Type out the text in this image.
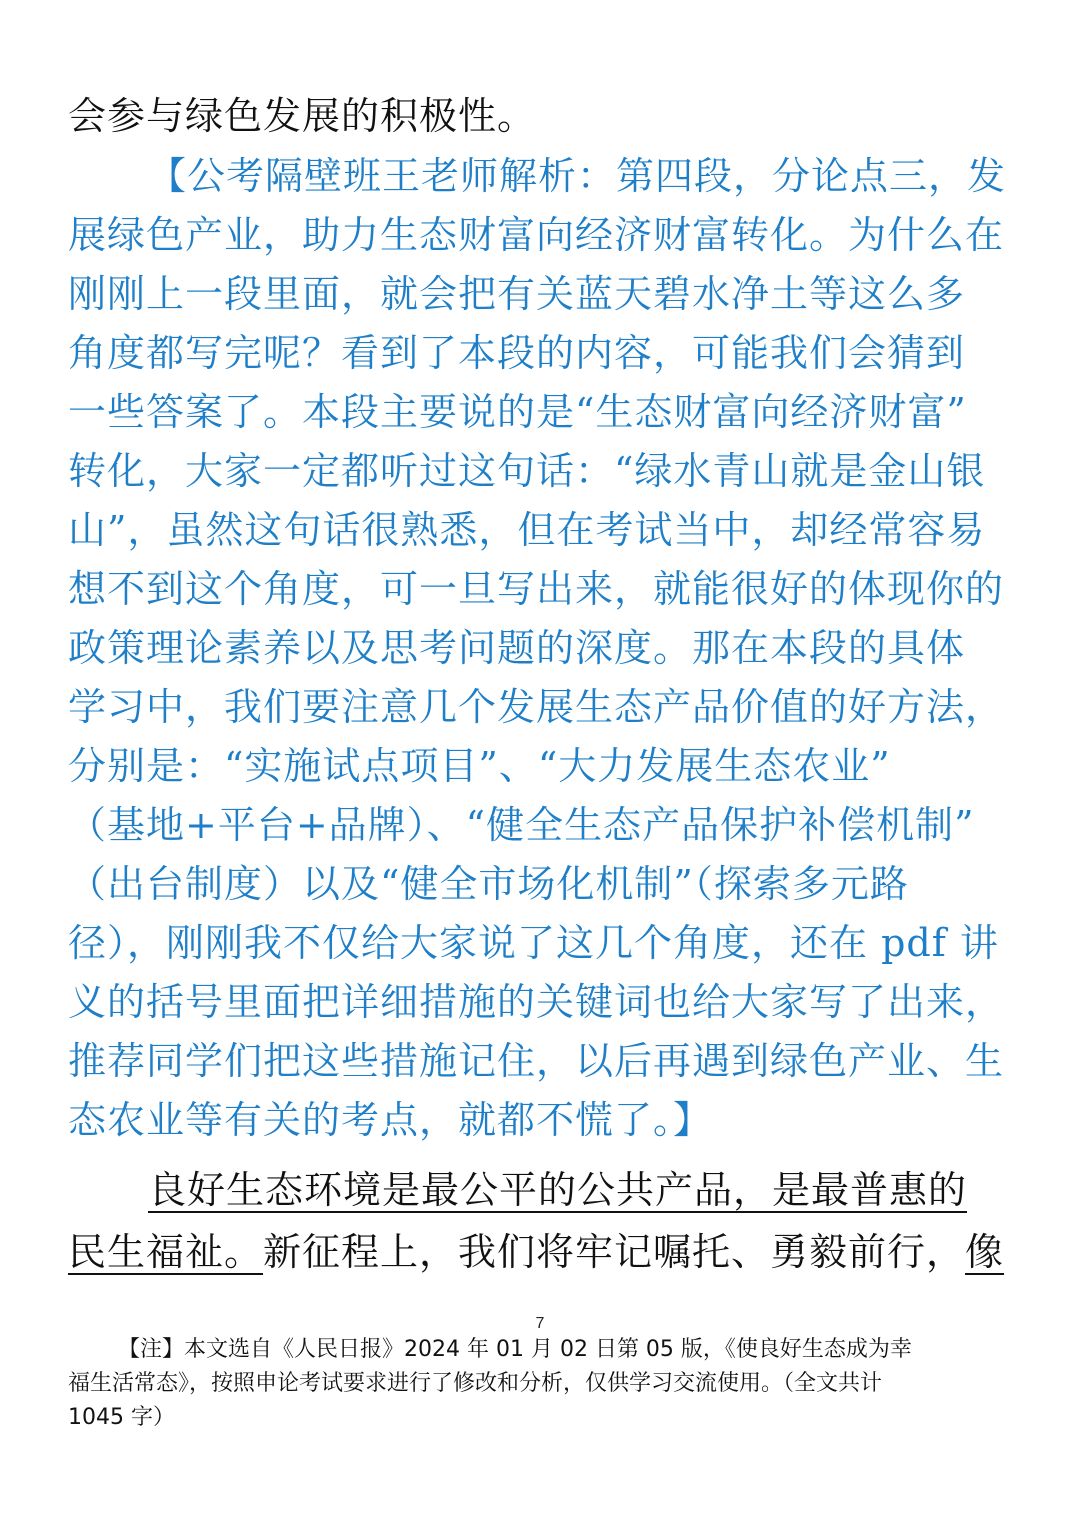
会参与绿色发展的积极性。
【公考隔壁班王老师解析：第四段，分论点三，发
展绿色产业，助力生态财富向经济财富转化。为什么在
刚刚上一段里面，就会把有关蓝天碧水净土等这么多
角度都写完呢？看到了本段的内容，可能我们会猜到
一些答案了。本段主要说的是“生态财富向经济财富”
转化，大家一定都听过这句话：“绿水青山就是金山银
山”，虽然这句话很熟悉，但在考试当中，却经常容易
想不到这个角度，可一旦写出来，就能很好的体现你的
政策理论素养以及思考问题的深度。那在本段的具体
学习中，我们要注意几个发展生态产品价值的好方法，
分别是：“实施试点项目”、“大力发展生态农业”
（基地+平台+品牌）、“健全生态产品保护补偿机制”
（出台制度）以及“健全市场化机制”（探索多元路
径），刚刚我不仅给大家说了这几个角度，还在 pdf 讲
义的括号里面把详细措施的关键词也给大家写了出来，
推荐同学们把这些措施记住，以后再遇到绿色产业、生
态农业等有关的考点，就都不慌了。】
良好生态环境是最公平的公共产品，是最普惠的
民生福祉。新征程上，我们将牢记嘱托、勇毅前行，像
7
【注】本文选自《人民日报》2024 年 01 月 02 日第 05 版，《使良好生态成为幸
福生活常态》，按照申论考试要求进行了修改和分析，仅供学习交流使用。（全文共计
1045 字）
